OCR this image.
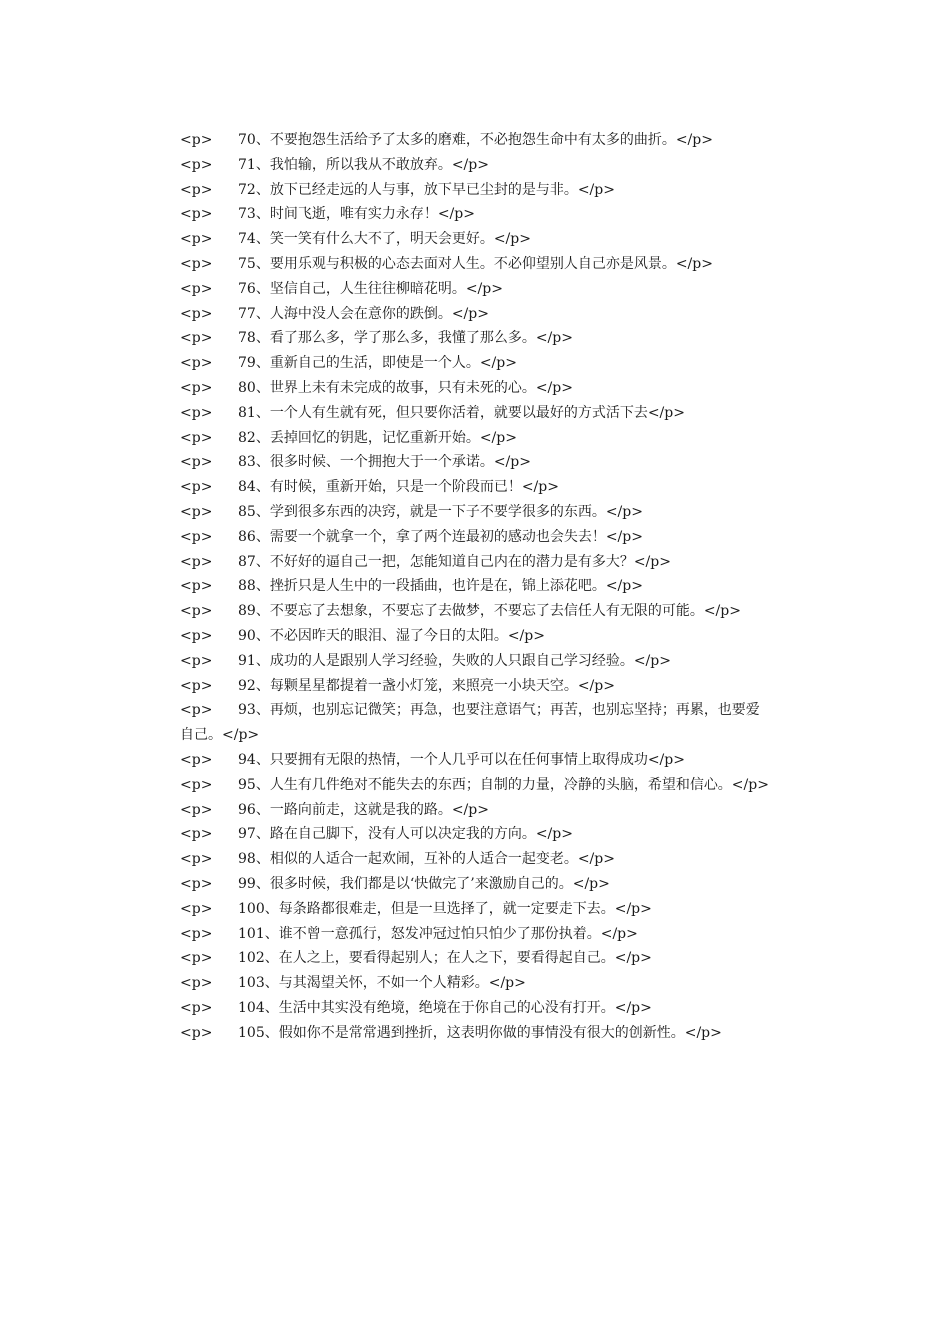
<p> 70、不要抱怨生活给予了太多的磨难，不必抱怨生命中有太多的曲折。</p>
<p> 71、我怕输，所以我从不敢放弃。</p>
<p> 72、放下已经走远的人与事，放下早已尘封的是与非。</p>
<p> 73、时间飞逝，唯有实力永存！</p>
<p> 74、笑一笑有什么大不了，明天会更好。</p>
<p> 75、要用乐观与积极的心态去面对人生。不必仰望别人自己亦是风景。</p>
<p> 76、坚信自己，人生往往柳暗花明。</p>
<p> 77、人海中没人会在意你的跌倒。</p>
<p> 78、看了那么多，学了那么多，我懂了那么多。</p>
<p> 79、重新自己的生活，即使是一个人。</p>
<p> 80、世界上未有未完成的故事，只有未死的心。</p>
<p> 81、一个人有生就有死，但只要你活着，就要以最好的方式活下去</p>
<p> 82、丢掉回忆的钥匙，记忆重新开始。</p>
<p> 83、很多时候、一个拥抱大于一个承诺。</p>
<p> 84、有时候，重新开始，只是一个阶段而已！</p>
<p> 85、学到很多东西的决窍，就是一下子不要学很多的东西。</p>
<p> 86、需要一个就拿一个，拿了两个连最初的感动也会失去！</p>
<p> 87、不好好的逼自己一把，怎能知道自己内在的潜力是有多大？</p>
<p> 88、挫折只是人生中的一段插曲，也许是在，锦上添花吧。</p>
<p> 89、不要忘了去想象，不要忘了去做梦，不要忘了去信任人有无限的可能。</p>
<p> 90、不必因昨天的眼泪、湿了今日的太阳。</p>
<p> 91、成功的人是跟别人学习经验，失败的人只跟自己学习经验。</p>
<p> 92、每颗星星都提着一盏小灯笼，来照亮一小块天空。</p>
<p> 93、再烦，也别忘记微笑；再急，也要注意语气；再苦，也别忘坚持；再累，也要爱自己。</p>
<p> 94、只要拥有无限的热情，一个人几乎可以在任何事情上取得成功</p>
<p> 95、人生有几件绝对不能失去的东西；自制的力量，冷静的头脑，希望和信心。</p>
<p> 96、一路向前走，这就是我的路。</p>
<p> 97、路在自己脚下，没有人可以决定我的方向。</p>
<p> 98、相似的人适合一起欢闹，互补的人适合一起变老。</p>
<p> 99、很多时候，我们都是以‘快做完了’来激励自己的。</p>
<p> 100、每条路都很难走，但是一旦选择了，就一定要走下去。</p>
<p> 101、谁不曾一意孤行，怒发冲冠过怕只怕少了那份执着。</p>
<p> 102、在人之上，要看得起别人；在人之下，要看得起自己。</p>
<p> 103、与其渴望关怀，不如一个人精彩。</p>
<p> 104、生活中其实没有绝境，绝境在于你自己的心没有打开。</p>
<p> 105、假如你不是常常遇到挫折，这表明你做的事情没有很大的创新性。</p>
